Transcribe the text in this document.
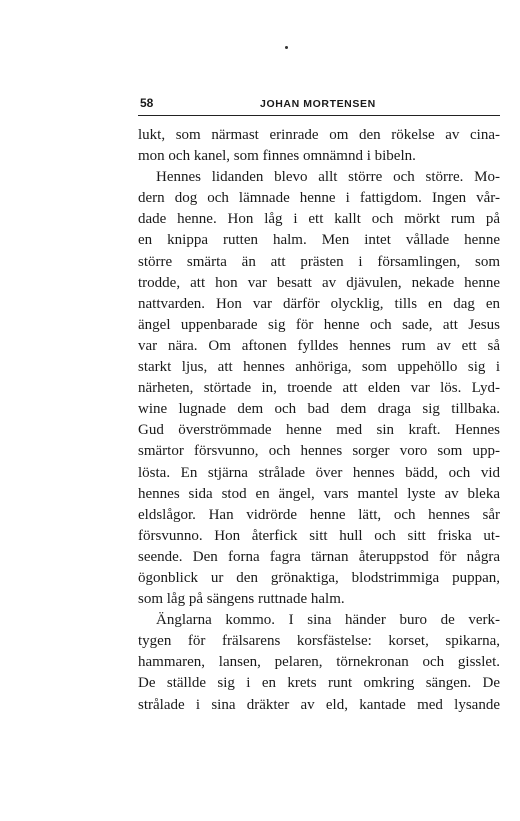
58	JOHAN MORTENSEN
lukt, som närmast erinrade om den rökelse av cina-
mon och kanel, som finnes omnämnd i bibeln.
Hennes lidanden blevo allt större och större. Mo-
dern dog och lämnade henne i fattigdom. Ingen vår-
dade henne. Hon låg i ett kallt och mörkt rum på
en knippa rutten halm. Men intet vållade henne
större smärta än att prästen i församlingen, som
trodde, att hon var besatt av djävulen, nekade henne
nattvarden. Hon var därför olycklig, tills en dag en
ängel uppenbarade sig för henne och sade, att Jesus
var nära. Om aftonen fylldes hennes rum av ett så
starkt ljus, att hennes anhöriga, som uppehöllo sig i
närheten, störtade in, troende att elden var lös. Lyd-
wine lugnade dem och bad dem draga sig tillbaka.
Gud överströmmade henne med sin kraft. Hennes
smärtor försvunno, och hennes sorger voro som upp-
lösta. En stjärna strålade över hennes bädd, och vid
hennes sida stod en ängel, vars mantel lyste av bleka
eldslågor. Han vidrörde henne lätt, och hennes sår
försvunno. Hon återfick sitt hull och sitt friska ut-
seende. Den forna fagra tärnan återuppstod för några
ögonblick ur den grönaktiga, blodstrimmiga puppan,
som låg på sängens ruttnade halm.
Änglarna kommo. I sina händer buro de verk-
tygen för frälsarens korsfästelse: korset, spikarna,
hammaren, lansen, pelaren, törnekronan och gisslet.
De ställde sig i en krets runt omkring sängen. De
strålade i sina dräkter av eld, kantade med lysande
